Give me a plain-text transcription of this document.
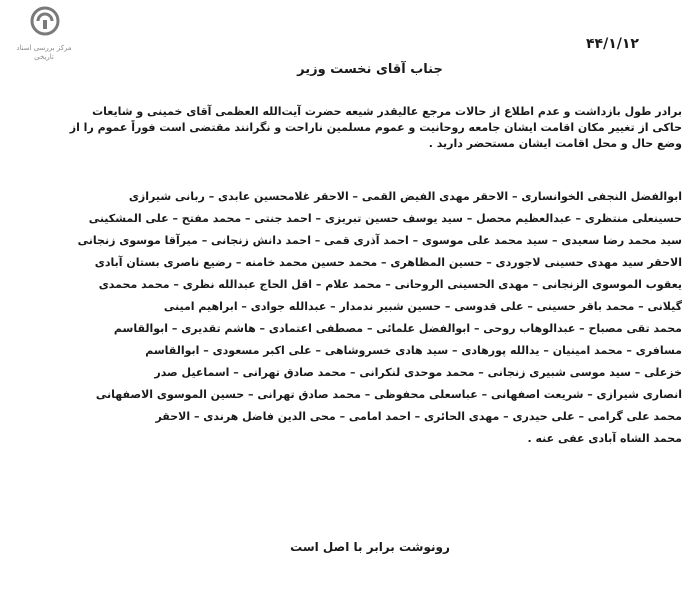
مرکز بررسی اسناد تاریخی
۴۴/۱/۱۲
جناب آقای نخست وزیر
برادر طول بازداشت و عدم اطلاع از حالات مرجع عالیقدر شیعه حضرت آیت‌الله العظمی آقای خمینی و شایعات
حاکی از تغییر مکان اقامت ایشان جامعه روحانیت و عموم مسلمین ناراحت و نگرانند مقتضی است فوراً عموم را از
وضع حال و محل اقامت ایشان مستحضر دارید .
ابوالفضل النجفی الخوانساری – الاحقر مهدی الفیض القمی – الاحقر غلامحسین عابدی – ربانی شیرازی
حسینعلی منتظری – عبدالعظیم محصل – سید یوسف حسین تبریزی – احمد جنتی – محمد مفتح – علی المشکینی
سید محمد رضا سعیدی – سید محمد علی موسوی – احمد آذری قمی – احمد دانش زنجانی – میرآقا موسوی زنجانی
الاحقر سید مهدی حسینی لاجوردی – حسین المظاهری – محمد حسین محمد خامنه – رضیع ناصری بستان آبادی
یعقوب الموسوی الزنجانی – مهدی الحسینی الروحانی – محمد علام – اقل الحاج عبدالله نظری – محمد محمدی
گیلانی – محمد باقر حسینی – علی قدوسی – حسین شبیر ندمدار – عبدالله جوادی – ابراهیم امینی
محمد تقی مصباح – عبدالوهاب روحی – ابوالفضل علمائی – مصطفی اعتمادی – هاشم تقدیری – ابوالقاسم
مسافری – محمد امینیان – یدالله پورهادی – سید هادی خسروشاهی – علی اکبر مسعودی – ابوالقاسم
خزعلی – سید موسی شبیری زنجانی – محمد موحدی لنکرانی – محمد صادق تهرانی – اسماعیل صدر
انصاری شیرازی – شریعت اصفهانی – عباسعلی محفوظی – محمد صادق تهرانی – حسین الموسوی الاصفهانی
محمد علی گرامی – علی حیدری – مهدی الحائری – احمد امامی – محی الدین فاضل هرندی – الاحقر
محمد الشاه آبادی عفی عنه .
رونوشت برابر با اصل است
